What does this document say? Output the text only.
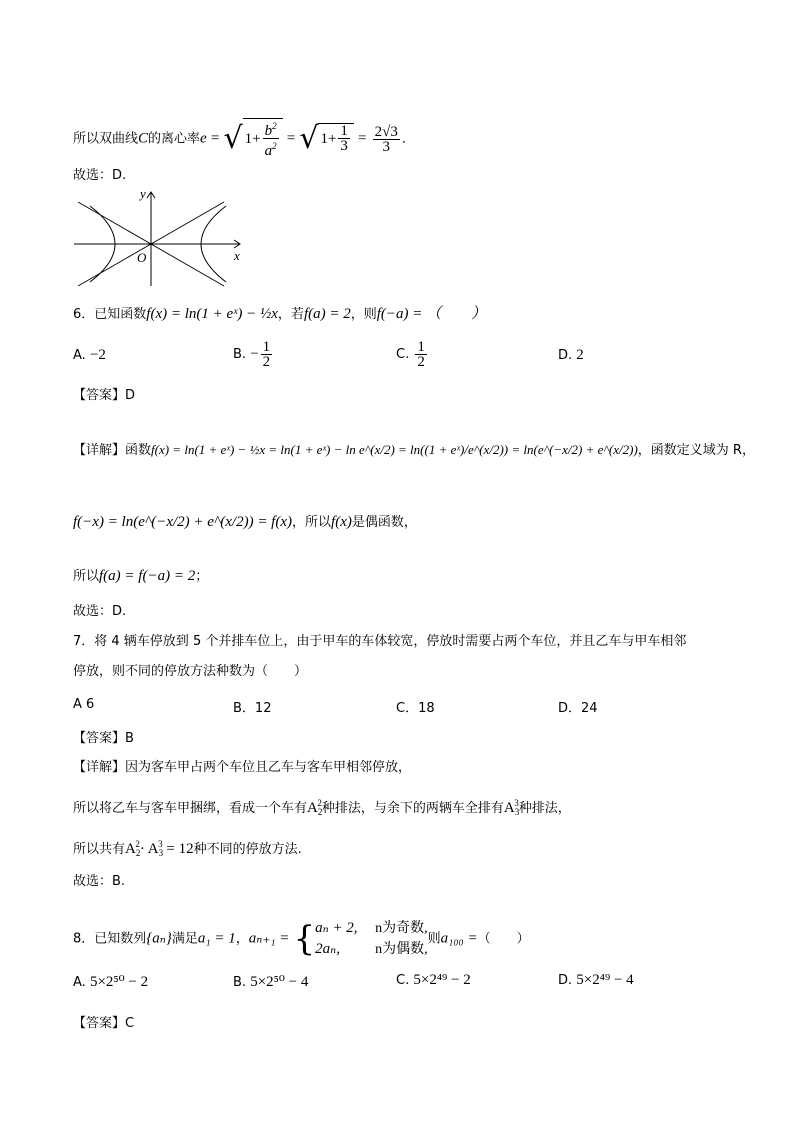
所以双曲线C的离心率e = √ $1+ \frac{b^2}{a^2}$ = √ $1+ \frac{1}{3} = \frac{2√3}{3}$ ．
故选：D.
x
y
O
6．已知函数f(x) = ln(1 + eˣ) − ½x，若f(a) = 2，则f(−a) = （　　）
A. −2	B. − $\frac{1}{2}$	C. $\frac{1}{2}$	D. 2
【答案】D
【详解】函数f(x) = ln(1 + eˣ) − ½x = ln(1 + eˣ) − ln e^(x/2) = ln((1 + eˣ)/e^(x/2)) = ln(e^(−x/2) + e^(x/2))，函数定义域为 R，
f(−x) = ln(e^(−x/2) + e^(x/2)) = f(x)，所以f(x)是偶函数，
所以f(a) = f(−a) = 2；
故选：D.
7．将 4 辆车停放到 5 个并排车位上，由于甲车的车体较宽，停放时需要占两个车位，并且乙车与甲车相邻
停放，则不同的停放方法种数为（　　）
A 6	B．12	C．18	D．24
【答案】B
【详解】因为客车甲占两个车位且乙车与客车甲相邻停放，
所以将乙车与客车甲捆绑，看成一个车有$A_2^2$种排法，与余下的两辆车全排有$A_3^3$种排法，
所以共有$A_2^2\cdot A_3^3 = 12$种不同的停放方法.
故选：B.
8．已知数列{aₙ}满足a₁ = 1，aₙ₊₁ = { aₙ + 2, n为奇数,
2aₙ,	n为偶数,
则a₁₀₀ =（　　）
A. 5×2⁵⁰ − 2	B. 5×2⁵⁰ − 4	C. 5×2⁴⁹ − 2	D. 5×2⁴⁹ − 4
【答案】C
